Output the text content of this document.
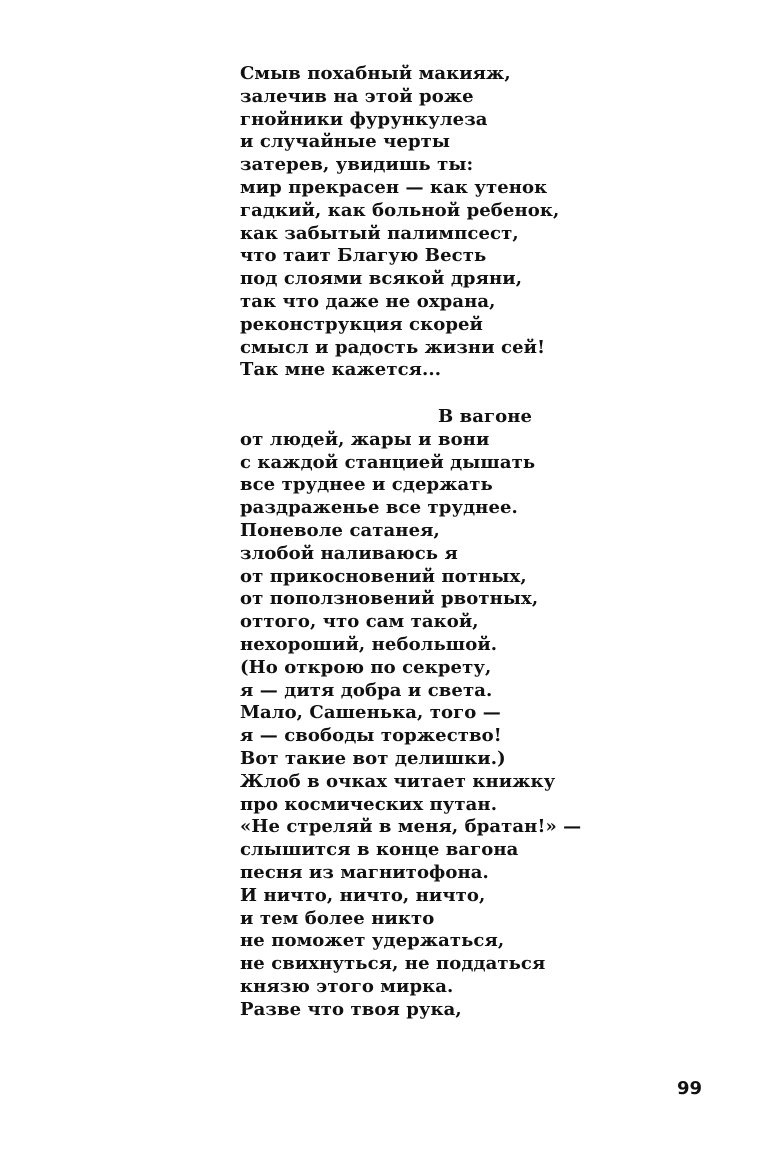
Смыв похабный макияж,
залечив на этой роже
гнойники фурункулеза
и случайные черты
затерев, увидишь ты:
мир прекрасен — как утенок
гадкий, как больной ребенок,
как забытый палимпсест,
что таит Благую Весть
под слоями всякой дряни,
так что даже не охрана,
реконструкция скорей
смысл и радость жизни сей!
Так мне кажется...
В вагоне
от людей, жары и вони
с каждой станцией дышать
все труднее и сдержать
раздраженье все труднее.
Поневоле сатанея,
злобой наливаюсь я
от прикосновений потных,
от поползновений рвотных,
оттого, что сам такой,
нехороший, небольшой.
(Но открою по секрету,
я — дитя добра и света.
Мало, Сашенька, того —
я — свободы торжество!
Вот такие вот делишки.)
Жлоб в очках читает книжку
про космических путан.
«Не стреляй в меня, братан!» —
слышится в конце вагона
песня из магнитофона.
И ничто, ничто, ничто,
и тем более никто
не поможет удержаться,
не свихнуться, не поддаться
князю этого мирка.
Разве что твоя рука,
99
